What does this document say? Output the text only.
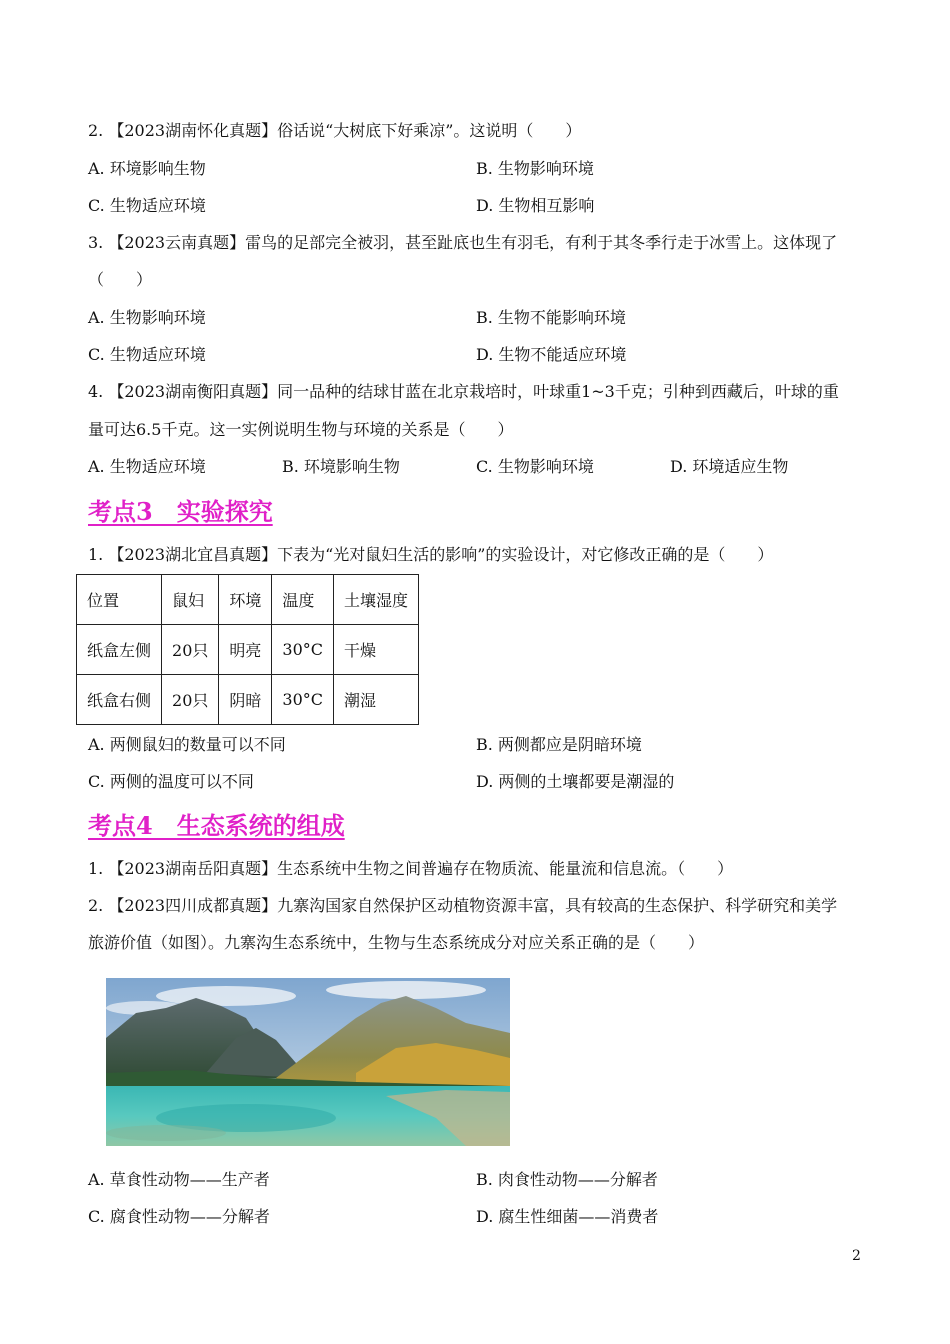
2. 【2023湖南怀化真题】俗话说“大树底下好乘凉”。这说明（　　）
A. 环境影响生物	B. 生物影响环境
C. 生物适应环境	D. 生物相互影响
3. 【2023云南真题】雷鸟的足部完全被羽，甚至趾底也生有羽毛，有利于其冬季行走于冰雪上。这体现了
（　　）
A. 生物影响环境	B. 生物不能影响环境
C. 生物适应环境	D. 生物不能适应环境
4. 【2023湖南衡阳真题】同一品种的结球甘蓝在北京栽培时，叶球重1~3千克；引种到西藏后，叶球的重
量可达6.5千克。这一实例说明生物与环境的关系是（　　）
A. 生物适应环境	B. 环境影响生物	C. 生物影响环境	D. 环境适应生物
考点3　实验探究
1. 【2023湖北宜昌真题】下表为“光对鼠妇生活的影响”的实验设计，对它修改正确的是（　　）
位置	鼠妇	环境	温度	土壤湿度
纸盒左侧	20只	明亮	30°C	干燥
纸盒右侧	20只	阴暗	30°C	潮湿
A. 两侧鼠妇的数量可以不同	B. 两侧都应是阴暗环境
C. 两侧的温度可以不同	D. 两侧的土壤都要是潮湿的
考点4　生态系统的组成
1. 【2023湖南岳阳真题】生态系统中生物之间普遍存在物质流、能量流和信息流。（　　）
2. 【2023四川成都真题】九寨沟国家自然保护区动植物资源丰富，具有较高的生态保护、科学研究和美学
旅游价值（如图）。九寨沟生态系统中，生物与生态系统成分对应关系正确的是（　　）
A. 草食性动物——生产者	B. 肉食性动物——分解者
C. 腐食性动物——分解者	D. 腐生性细菌——消费者
2
